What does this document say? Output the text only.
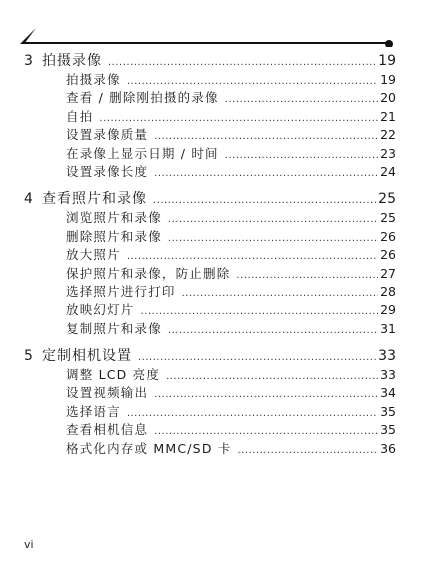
3 拍摄录像 .....	19
拍摄录像 .....	19
查看 / 删除刚拍摄的录像 .....	20
自拍 .....	21
设置录像质量 .....	22
在录像上显示日期 / 时间 .....	23
设置录像长度 .....	24
4 查看照片和录像 .....	25
浏览照片和录像 .....	25
删除照片和录像 .....	26
放大照片 .....	26
保护照片和录像，防止删除 .....	27
选择照片进行打印 .....	28
放映幻灯片 .....	29
复制照片和录像 .....	31
5 定制相机设置 .....	33
调整 LCD 亮度 .....	33
设置视频输出 .....	34
选择语言 .....	35
查看相机信息 .....	35
格式化内存或 MMC/SD 卡 .....	36
vi
